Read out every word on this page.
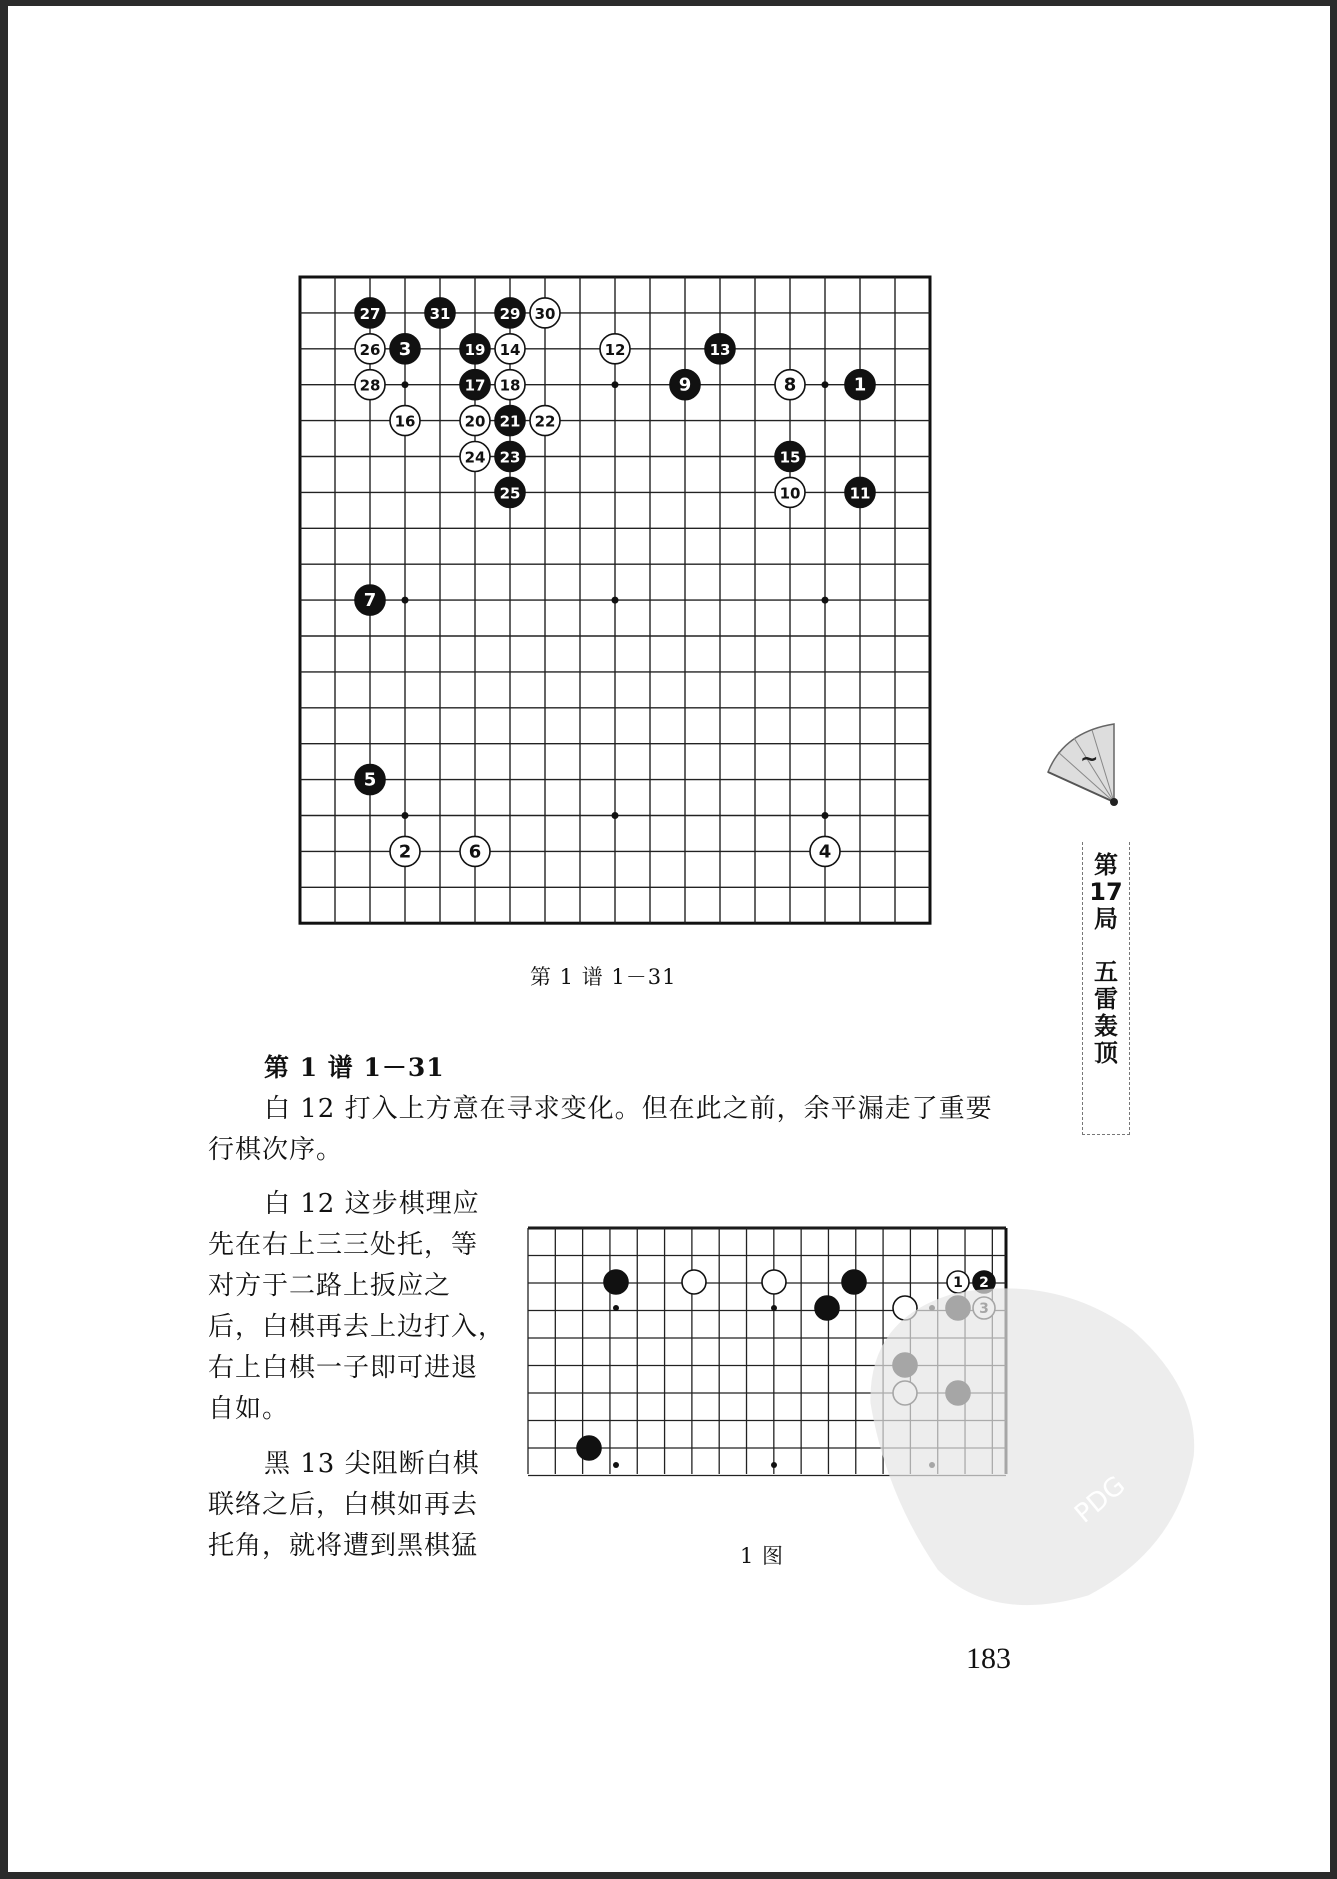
1
2
3
4
5
6
7
8
9
10	11
12	13
14
15
16
17 18
19
20 21 22
23
24
25
26
27
28
29 30
31
第 1 谱 1－31
第 1 谱 1－31

白 12 打入上方意在寻求变化。但在此之前，余平漏走了重要

行棋次序。

白 12 这步棋理应

先在右上三三处托，等

对方于二路上扳应之

后，白棋再去上边打入，

右上白棋一子即可进退

自如。

黑 13 尖阻断白棋

联络之后，白棋如再去

托角，就将遭到黑棋猛

1 2
1 图
~
第
17
局
五
雷
轰
顶
PDG
183
